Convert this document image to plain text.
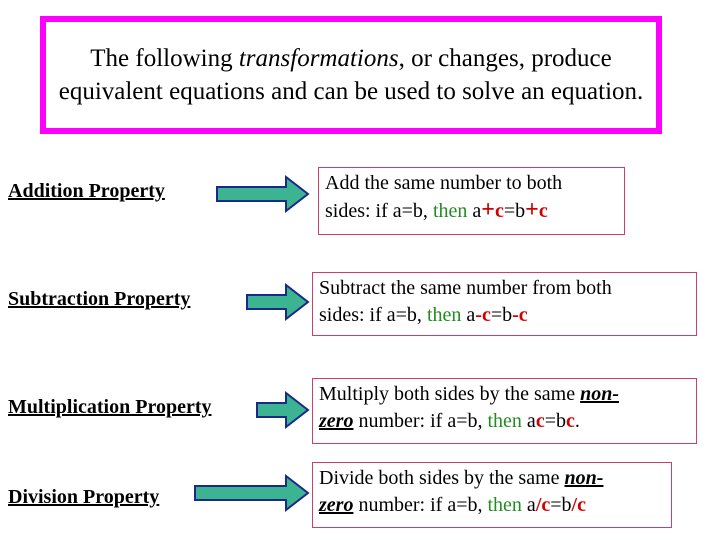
The following transformations, or changes, produce equivalent equations and can be used to solve an equation.
Addition Property	Add the same number to both
sides: if a=b, then a+c=b+c
Subtraction Property	Subtract the same number from both
sides: if a=b, then a-c=b-c
Multiplication Property
Multiply both sides by the same non-
zero number: if a=b, then ac=bc.
Division Property
Divide both sides by the same non-
zero number: if a=b, then a/c=b/c
